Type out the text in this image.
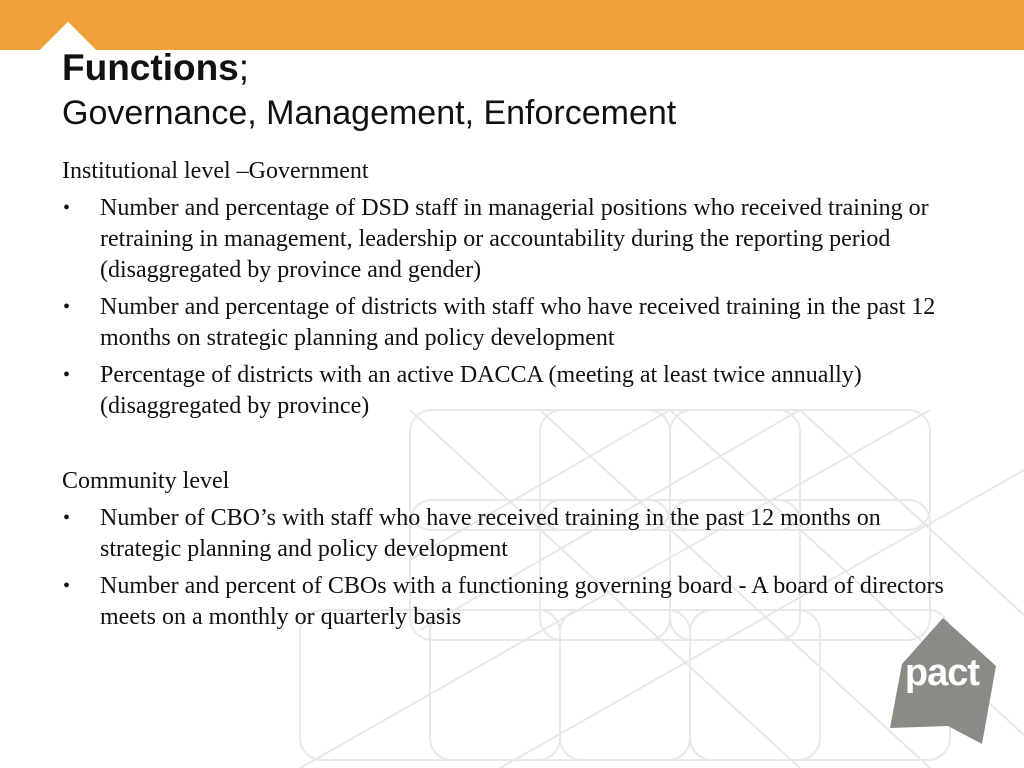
Functions;
Governance, Management, Enforcement
Institutional level –Government
• Number and percentage of DSD staff in managerial positions who received training or retraining in management, leadership or accountability during the reporting period (disaggregated by province and gender)
• Number and percentage of districts with staff who have received training in the past 12 months on strategic planning and policy development
• Percentage of districts with an active DACCA (meeting at least twice annually) (disaggregated by province)
Community level
• Number of CBO’s with staff who have received training in the past 12 months on strategic planning and policy development
• Number and percent of CBOs with a functioning governing board - A board of directors meets on a monthly or quarterly basis
pact
